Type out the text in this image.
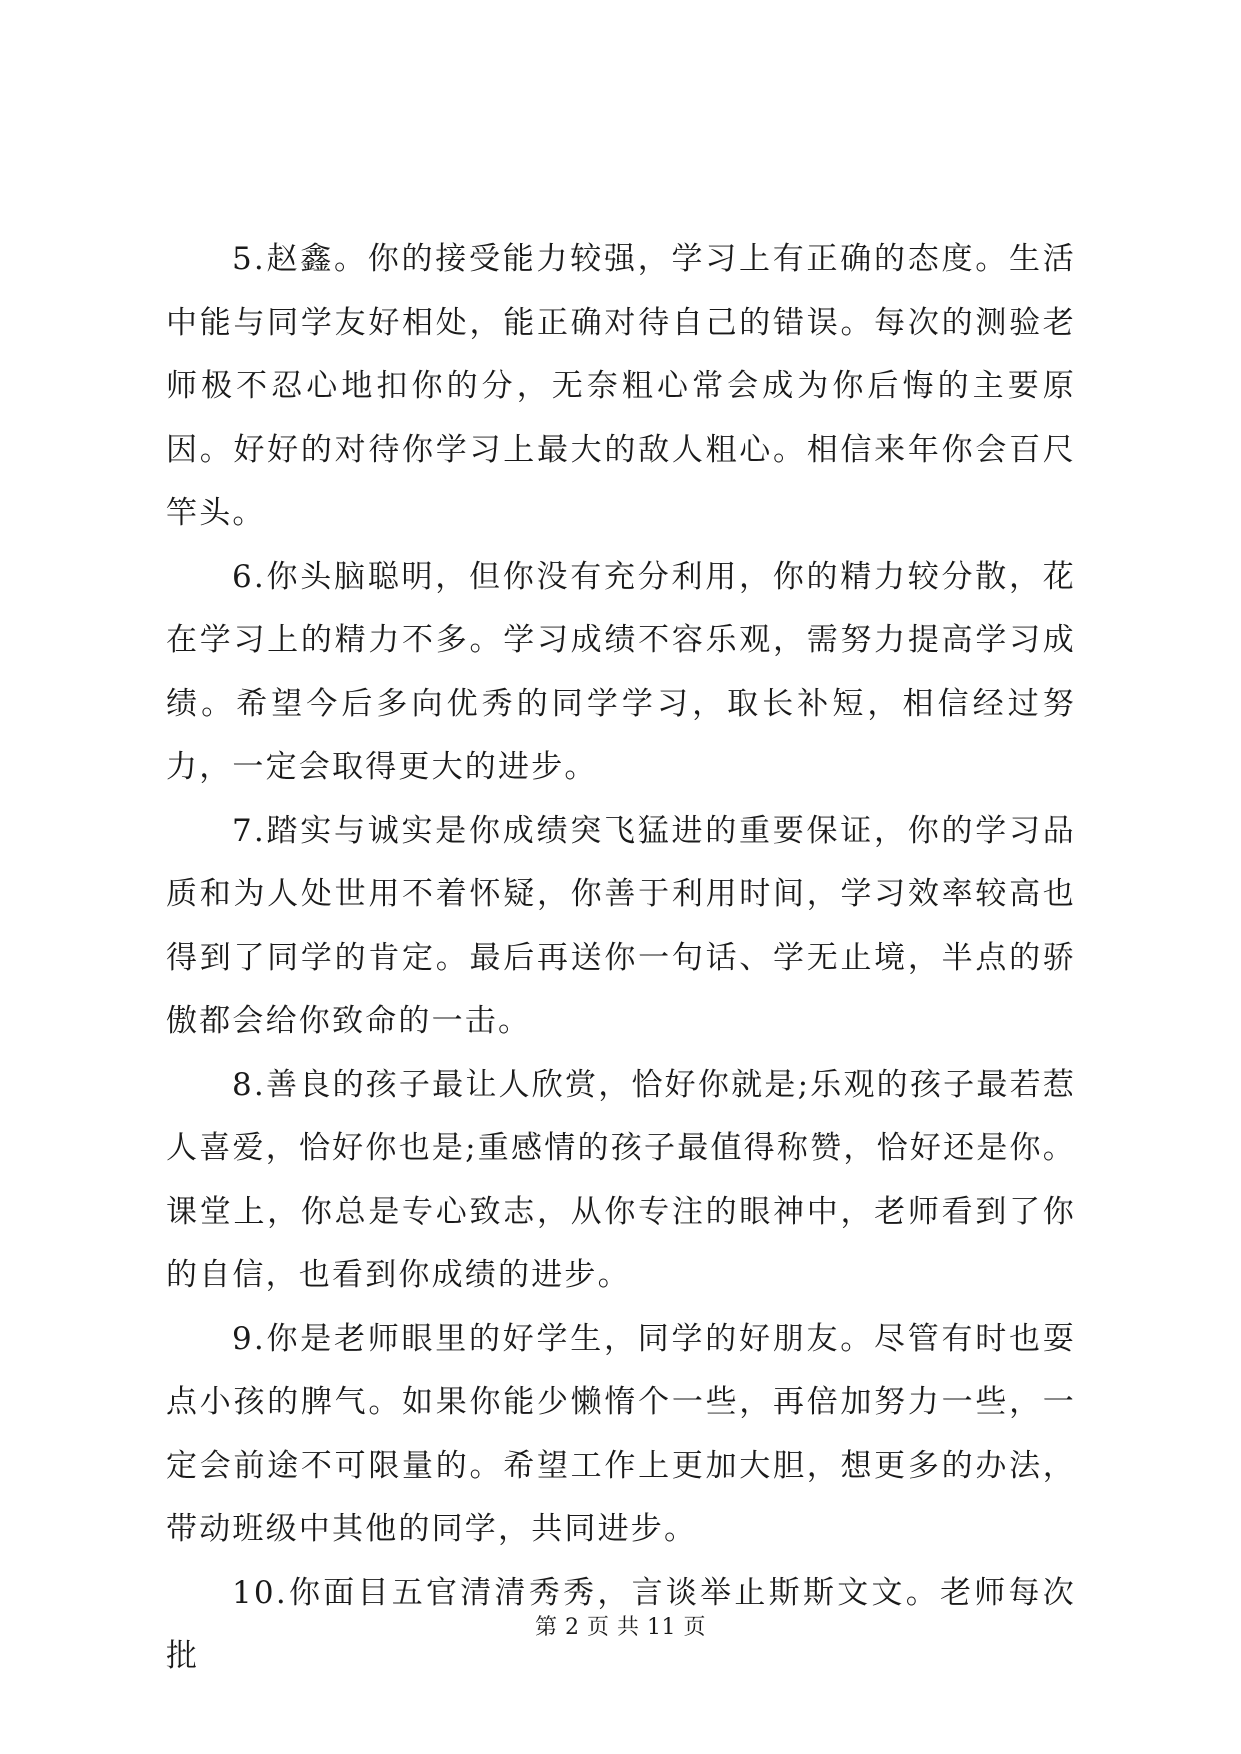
5.赵鑫。你的接受能力较强，学习上有正确的态度。生活中能与同学友好相处，能正确对待自己的错误。每次的测验老师极不忍心地扣你的分，无奈粗心常会成为你后悔的主要原因。好好的对待你学习上最大的敌人粗心。相信来年你会百尺竿头。

6.你头脑聪明，但你没有充分利用，你的精力较分散，花在学习上的精力不多。学习成绩不容乐观，需努力提高学习成绩。希望今后多向优秀的同学学习，取长补短，相信经过努力，一定会取得更大的进步。

7.踏实与诚实是你成绩突飞猛进的重要保证，你的学习品质和为人处世用不着怀疑，你善于利用时间，学习效率较高也得到了同学的肯定。最后再送你一句话、学无止境，半点的骄傲都会给你致命的一击。

8.善良的孩子最让人欣赏，恰好你就是;乐观的孩子最若惹人喜爱，恰好你也是;重感情的孩子最值得称赞，恰好还是你。课堂上，你总是专心致志，从你专注的眼神中，老师看到了你的自信，也看到你成绩的进步。

9.你是老师眼里的好学生，同学的好朋友。尽管有时也耍点小孩的脾气。如果你能少懒惰个一些，再倍加努力一些，一定会前途不可限量的。希望工作上更加大胆，想更多的办法，带动班级中其他的同学，共同进步。

10.你面目五官清清秀秀，言谈举止斯斯文文。老师每次批

第 2 页 共 11 页
